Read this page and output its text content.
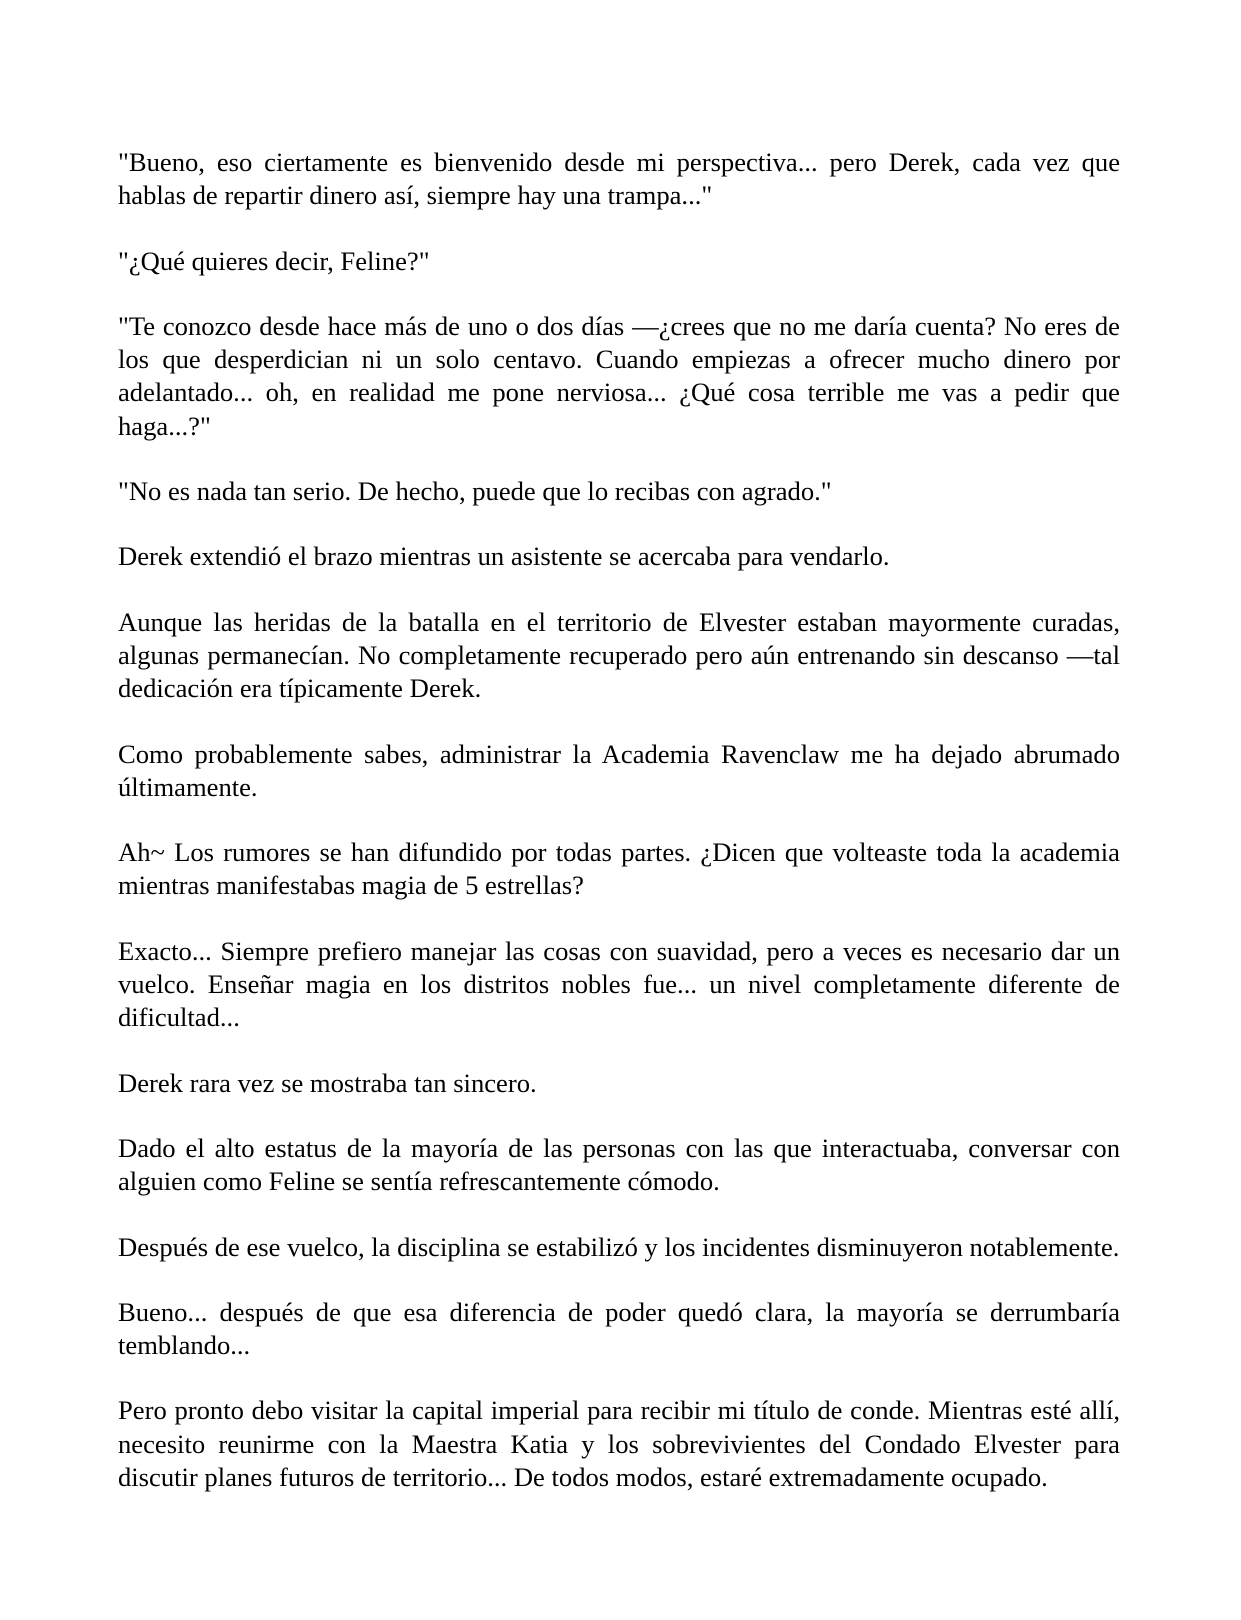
"Bueno, eso ciertamente es bienvenido desde mi perspectiva... pero Derek, cada vez que hablas de repartir dinero así, siempre hay una trampa..."

"¿Qué quieres decir, Feline?"

"Te conozco desde hace más de uno o dos días —¿crees que no me daría cuenta? No eres de los que desperdician ni un solo centavo. Cuando empiezas a ofrecer mucho dinero por adelantado... oh, en realidad me pone nerviosa... ¿Qué cosa terrible me vas a pedir que haga...?"

"No es nada tan serio. De hecho, puede que lo recibas con agrado."

Derek extendió el brazo mientras un asistente se acercaba para vendarlo.

Aunque las heridas de la batalla en el territorio de Elvester estaban mayormente curadas, algunas permanecían. No completamente recuperado pero aún entrenando sin descanso —tal dedicación era típicamente Derek.

Como probablemente sabes, administrar la Academia Ravenclaw me ha dejado abrumado últimamente.

Ah~ Los rumores se han difundido por todas partes. ¿Dicen que volteaste toda la academia mientras manifestabas magia de 5 estrellas?

Exacto... Siempre prefiero manejar las cosas con suavidad, pero a veces es necesario dar un vuelco. Enseñar magia en los distritos nobles fue... un nivel completamente diferente de dificultad...

Derek rara vez se mostraba tan sincero.

Dado el alto estatus de la mayoría de las personas con las que interactuaba, conversar con alguien como Feline se sentía refrescantemente cómodo.

Después de ese vuelco, la disciplina se estabilizó y los incidentes disminuyeron notablemente.

Bueno... después de que esa diferencia de poder quedó clara, la mayoría se derrumbaría temblando...

Pero pronto debo visitar la capital imperial para recibir mi título de conde. Mientras esté allí, necesito reunirme con la Maestra Katia y los sobrevivientes del Condado Elvester para discutir planes futuros de territorio... De todos modos, estaré extremadamente ocupado.
